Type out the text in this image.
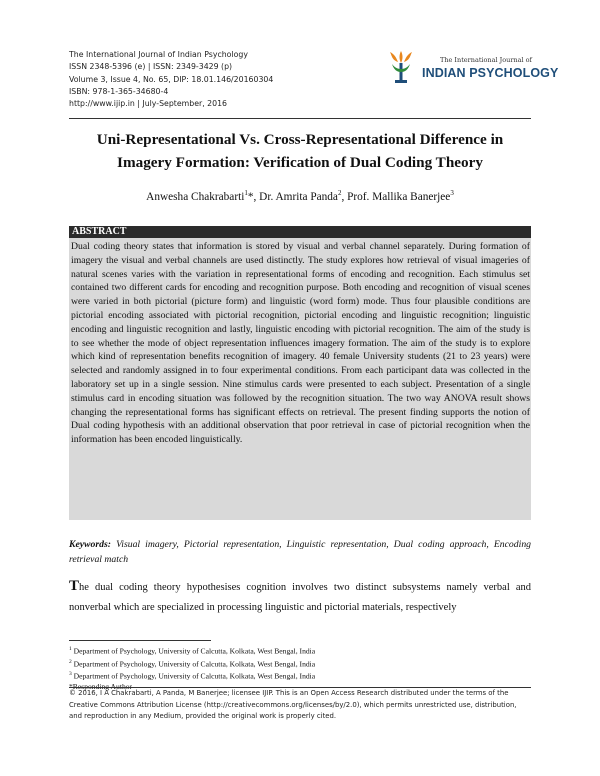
The International Journal of Indian Psychology
ISSN 2348-5396 (e) | ISSN: 2349-3429 (p)
Volume 3, Issue 4, No. 65, DIP: 18.01.146/20160304
ISBN: 978-1-365-34680-4
http://www.ijip.in | July-September, 2016
The International Journal of
INDIAN PSYCHOLOGY
Uni-Representational Vs. Cross-Representational Difference in
Imagery Formation: Verification of Dual Coding Theory
Anwesha Chakrabarti$^1$*, Dr. Amrita Panda$^2$, Prof. Mallika Banerjee$^3$
ABSTRACT
Dual coding theory states that information is stored by visual and verbal channel separately. During formation of imagery the visual and verbal channels are used distinctly. The study explores how retrieval of visual imageries of natural scenes varies with the variation in representational forms of encoding and recognition. Each stimulus set contained two different cards for encoding and recognition purpose. Both encoding and recognition of visual scenes were varied in both pictorial (picture form) and linguistic (word form) mode. Thus four plausible conditions are pictorial encoding associated with pictorial recognition, pictorial encoding and linguistic recognition; linguistic encoding and linguistic recognition and lastly, linguistic encoding with pictorial recognition. The aim of the study is to see whether the mode of object representation influences imagery formation. The aim of the study is to explore which kind of representation benefits recognition of imagery. 40 female University students (21 to 23 years) were selected and randomly assigned in to four experimental conditions. From each participant data was collected in the laboratory set up in a single session. Nine stimulus cards were presented to each subject. Presentation of a single stimulus card in encoding situation was followed by the recognition situation. The two way ANOVA result shows changing the representational forms has significant effects on retrieval. The present finding supports the notion of Dual coding hypothesis with an additional observation that poor retrieval in case of pictorial recognition when the information has been encoded linguistically.
Keywords: Visual imagery, Pictorial representation, Linguistic representation, Dual coding approach, Encoding retrieval match
The dual coding theory hypothesises cognition involves two distinct subsystems namely verbal and nonverbal which are specialized in processing linguistic and pictorial materials, respectively
$^1$ Department of Psychology, University of Calcutta, Kolkata, West Bengal, India
$^2$ Department of Psychology, University of Calcutta, Kolkata, West Bengal, India
$^3$ Department of Psychology, University of Calcutta, Kolkata, West Bengal, India
© 2016, I A Chakrabarti, A Panda, M Banerjee; licensee IJIP. This is an Open Access Research distributed under the terms of the Creative Commons Attribution License (http://creativecommons.org/licenses/by/2.0), which permits unrestricted use, distribution, and reproduction in any Medium, provided the original work is properly cited.
